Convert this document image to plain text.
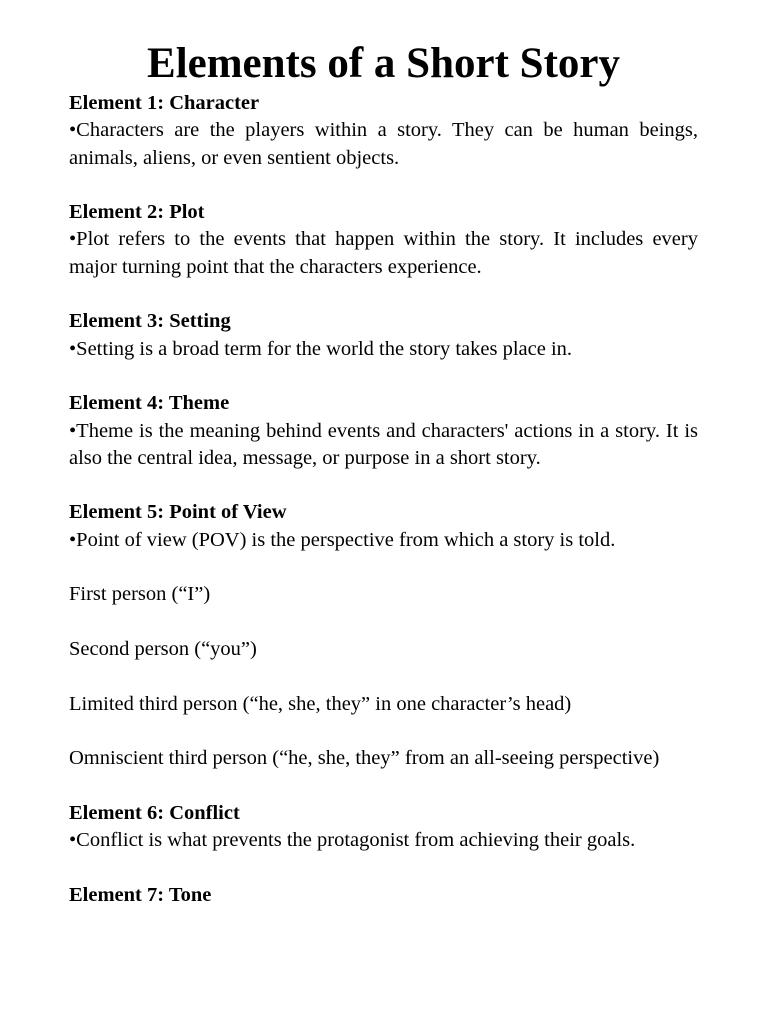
Elements of a Short Story

Element 1: Character

•Characters are the players within a story. They can be human beings, animals, aliens, or even sentient objects.

Element 2: Plot

•Plot refers to the events that happen within the story. It includes every major turning point that the characters experience.

Element 3: Setting

•Setting is a broad term for the world the story takes place in.

Element 4: Theme

•Theme is the meaning behind events and characters' actions in a story. It is also the central idea, message, or purpose in a short story.

Element 5: Point of View

•Point of view (POV) is the perspective from which a story is told.

First person (“I”)

Second person (“you”)

Limited third person (“he, she, they” in one character’s head)

Omniscient third person (“he, she, they” from an all-seeing perspective)

Element 6: Conflict

•Conflict is what prevents the protagonist from achieving their goals.

Element 7: Tone
